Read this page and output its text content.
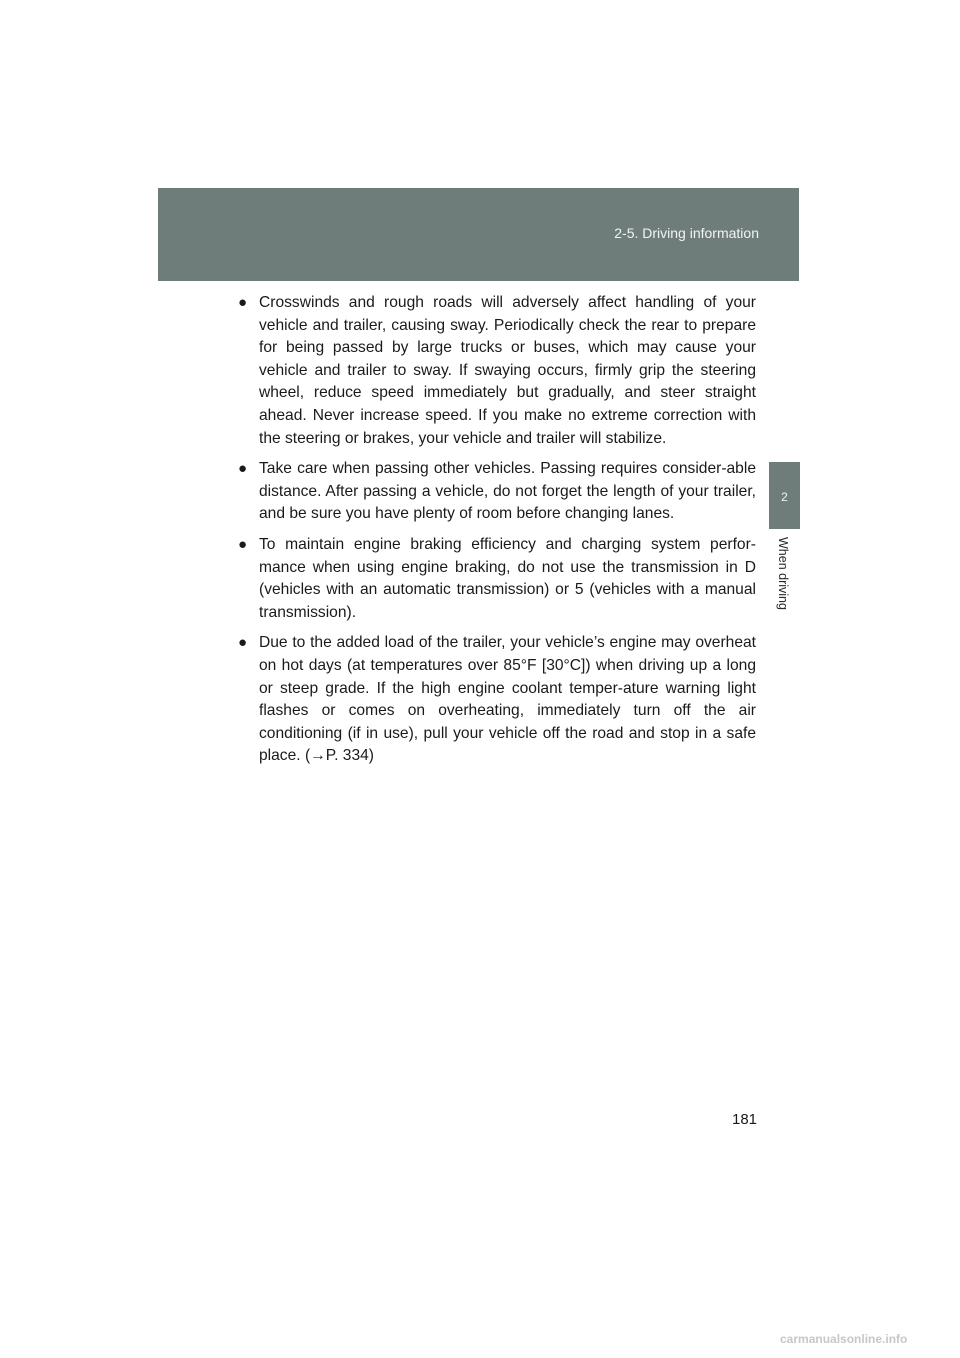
2-5. Driving information
2
When driving
● Crosswinds and rough roads will adversely affect handling of your vehicle and trailer, causing sway. Periodically check the rear to prepare for being passed by large trucks or buses, which may cause your vehicle and trailer to sway. If swaying occurs, firmly grip the steering wheel, reduce speed immediately but gradually, and steer straight ahead. Never increase speed. If you make no extreme correction with the steering or brakes, your vehicle and trailer will stabilize.
● Take care when passing other vehicles. Passing requires consider-able distance. After passing a vehicle, do not forget the length of your trailer, and be sure you have plenty of room before changing lanes.
● To maintain engine braking efficiency and charging system perfor-mance when using engine braking, do not use the transmission in D (vehicles with an automatic transmission) or 5 (vehicles with a manual transmission).
● Due to the added load of the trailer, your vehicle’s engine may overheat on hot days (at temperatures over 85°F [30°C]) when driving up a long or steep grade. If the high engine coolant temper-ature warning light flashes or comes on overheating, immediately turn off the air conditioning (if in use), pull your vehicle off the road and stop in a safe place. (→P. 334)
181
carmanualsonline.info
